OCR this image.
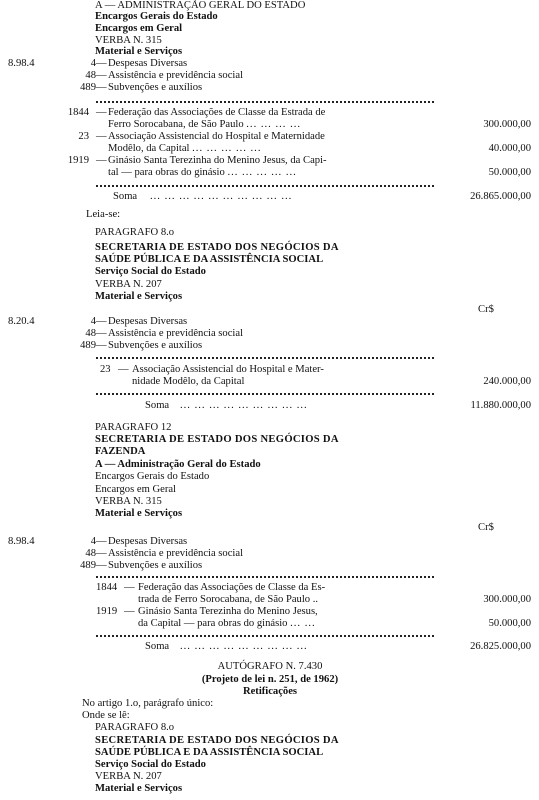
A — ADMINISTRAÇÃO GERAL DO ESTADO
Encargos Gerais do Estado
Encargos em Geral
VERBA N. 315
Material e Serviços
8.98.4	4 — Despesas Diversas
48 — Assistência e previdência social
489 — Subvenções e auxílios
1844 — Federação das Associações de Classe da Estrada de
Ferro Sorocabana, de São Paulo ... ... ... ...	300.000,00
23 — Associação Assistencial do Hospital e Maternidade
Modêlo, da Capital ... ... ... ... ...	40.000,00
1919 — Ginásio Santa Terezinha do Menino Jesus, da Capi-
tal — para obras do ginásio ... ... ... ... ...	50.000,00
Soma ... ... ... ... ... ... ... ... ... ...	26.865.000,00
Leia-se:
PARAGRAFO 8.o
SECRETARIA DE ESTADO DOS NEGÓCIOS DA
SAÚDE PÚBLICA E DA ASSISTÊNCIA SOCIAL
Serviço Social do Estado
VERBA N. 207
Material e Serviços
Cr$
8.20.4	4 — Despesas Diversas
48 — Assistência e previdência social
489 — Subvenções e auxílios
23 — Associação Assistencial do Hospital e Mater-
nidade Modêlo, da Capital	240.000,00
Soma ... ... ... ... ... ... ... ... ...	11.880.000,00
PARAGRAFO 12
SECRETARIA DE ESTADO DOS NEGÓCIOS DA
FAZENDA
A — Administração Geral do Estado
Encargos Gerais do Estado
Encargos em Geral
VERBA N. 315
Material e Serviços
Cr$
8.98.4	4 — Despesas Diversas
48 — Assistência e previdência social
489 — Subvenções e auxílios
1844 — Federação das Associações de Classe da Es-
trada de Ferro Sorocabana, de São Paulo ..	300.000,00
1919 — Ginásio Santa Terezinha do Menino Jesus,
da Capital — para obras do ginásio ... ...	50.000,00
Soma ... ... ... ... ... ... ... ... ...	26.825.000,00
AUTÓGRAFO N. 7.430
(Projeto de lei n. 251, de 1962)
Retificações
No artigo 1.o, parágrafo único:
Onde se lê:
PARAGRAFO 8.o
SECRETARIA DE ESTADO DOS NEGÓCIOS DA
SAÚDE PÚBLICA E DA ASSISTÊNCIA SOCIAL
Serviço Social do Estado
VERBA N. 207
Material e Serviços
